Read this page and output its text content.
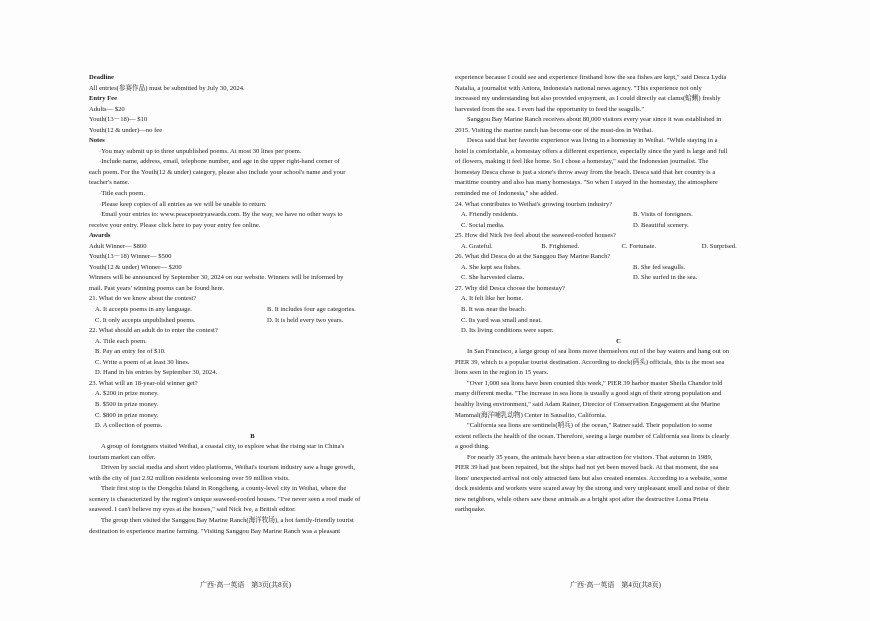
Deadline
All entries(参赛作品) must be submitted by July 30, 2024.
Entry Fee
Adults— $20
Youth(13－18)— $10
Youth(12 & under)—no fee
Notes
·You may submit up to three unpublished poems. At most 30 lines per poem.
·Include name, address, email, telephone number, and age in the upper right-hand corner of
each poem. For the Youth(12 & under) category, please also include your school's name and your
teacher's name.
·Title each poem.
·Please keep copies of all entries as we will be unable to return.
·Email your entries to: www.peacepoetryawards.com. By the way, we have no other ways to
receive your entry. Please click here to pay your entry fee online.
Awards
Adult Winner— $800
Youth(13－18) Winner— $500
Youth(12 & under) Winner— $200
Winners will be announced by September 30, 2024 on our website. Winners will be informed by
mail. Past years' winning poems can be found here.
21. What do we know about the contest?
A. It accepts poems in any language.	B. It includes four age categories.
C. It only accepts unpublished poems.	D. It is held every two years.
22. What should an adult do to enter the contest?
A. Title each poem.
B. Pay an entry fee of $10.
C. Write a poem of at least 30 lines.
D. Hand in his entries by September 30, 2024.
23. What will an 18-year-old winner get?
A. $200 in prize money.
B. $500 in prize money.
C. $800 in prize money.
D. A collection of poems.
B
A group of foreigners visited Weihai, a coastal city, to explore what the rising star in China's
tourism market can offer.
Driven by social media and short video platforms, Weihai's tourism industry saw a huge growth,
with the city of just 2.92 million residents welcoming over 59 million visits.
Their first stop is the Dongchu Island in Rongcheng, a county-level city in Weihai, where the
scenery is characterized by the region's unique seaweed-roofed houses. "I've never seen a roof made of
seaweed. I can't believe my eyes at the houses," said Nick Ive, a British editor.
The group then visited the Sanggou Bay Marine Ranch(海洋牧场), a hot family-friendly tourist
destination to experience marine farming. "Visiting Sanggou Bay Marine Ranch was a pleasant
experience because I could see and experience firsthand how the sea fishes are kept," said Desca Lydia
Natalia, a journalist with Antora, Indonesia's national news agency. "This experience not only
increased my understanding but also provided enjoyment, as I could directly eat clams(蛤蜊) freshly
harvested from the sea. I even had the opportunity to feed the seagulls."
Sanggou Bay Marine Ranch receives about 80,000 visitors every year since it was established in
2015. Visiting the marine ranch has become one of the must-dos in Weihai.
Desca said that her favorite experience was living in a homestay in Weihai. "While staying in a
hotel is comfortable, a homestay offers a different experience, especially since the yard is large and full
of flowers, making it feel like home. So I chose a homestay," said the Indonesian journalist. The
homestay Desca chose is just a stone's throw away from the beach. Desca said that her country is a
maritime country and also has many homestays. "So when I stayed in the homestay, the atmosphere
reminded me of Indonesia," she added.
24. What contributes to Weihai's growing tourism industry?
A. Friendly residents.	B. Visits of foreigners.
C. Social media.	D. Beautiful scenery.
25. How did Nick Ive feel about the seaweed-roofed houses?
A. Grateful.	B. Frightened.	C. Fortunate.	D. Surprised.
26. What did Desca do at the Sanggou Bay Marine Ranch?
A. She kept sea fishes.	B. She fed seagulls.
C. She harvested clams.	D. She surfed in the sea.
27. Why did Desca choose the homestay?
A. It felt like her home.
B. It was near the beach.
C. Its yard was small and neat.
D. Its living conditions were super.
C
In San Francisco, a large group of sea lions move themselves out of the bay waters and hang out on
PIER 39, which is a popular tourist destination. According to dock(码头) officials, this is the most sea
lions seen in the region in 15 years.
"Over 1,000 sea lions have been counted this week," PIER 39 harbor master Sheila Chandor told
many different media. "The increase in sea lions is usually a good sign of their strong population and
healthy living environment," said Adam Ratner, Director of Conservation Engagement at the Marine
Mammal(海洋哺乳动物) Center in Sausalito, California.
"California sea lions are sentinels(哨兵) of the ocean," Ratner said. Their population to some
extent reflects the health of the ocean. Therefore, seeing a large number of California sea lions is clearly
a good thing.
For nearly 35 years, the animals have been a star attraction for visitors. That autumn in 1989,
PIER 39 had just been repaired, but the ships had not yet been moved back. At that moment, the sea
lions' unexpected arrival not only attracted fans but also created enemies. According to a website, some
dock residents and workers were scared away by the strong and very unpleasant smell and noise of their
new neighbors, while others saw these animals as a bright spot after the destructive Loma Prieta
earthquake.
广西·高一英语　第3页(共8页)	广西·高一英语　第4页(共8页)
